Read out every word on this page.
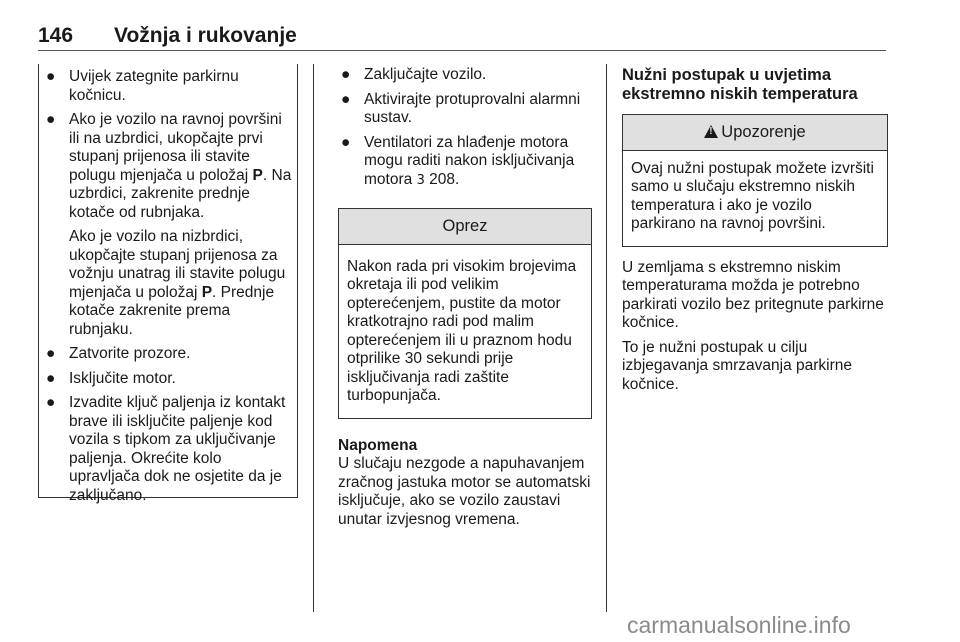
146 Vožnja i rukovanje
● Uvijek zategnite parkirnu kočnicu.
● Ako je vozilo na ravnoj površini ili na uzbrdici, ukopčajte prvi stupanj prijenosa ili stavite polugu mjenjača u položaj P. Na uzbrdici, zakrenite prednje kotače od rubnjaka.

Ako je vozilo na nizbrdici, ukopčajte stupanj prijenosa za vožnju unatrag ili stavite polugu mjenjača u položaj P. Prednje kotače zakrenite prema rubnjaku.

● Zatvorite prozore.
● Isključite motor.
● Izvadite ključ paljenja iz kontakt brave ili isključite paljenje kod vozila s tipkom za uključivanje paljenja. Okrećite kolo upravljača dok ne osjetite da je zaključano.
● Zaključajte vozilo.
● Aktivirajte protuprovalni alarmni sustav.
● Ventilatori za hlađenje motora mogu raditi nakon isključivanja motora 3 208.
Oprez
Nakon rada pri visokim brojevima okretaja ili pod velikim opterećenjem, pustite da motor kratkotrajno radi pod malim opterećenjem ili u praznom hodu otprilike 30 sekundi prije isključivanja radi zaštite turbopunjača.

Napomena

U slučaju nezgode a napuhavanjem zračnog jastuka motor se automatski isključuje, ako se vozilo zaustavi unutar izvjesnog vremena.

Nužni postupak u uvjetima ekstremno niskih temperatura
!Upozorenje
Ovaj nužni postupak možete izvršiti samo u slučaju ekstremno niskih temperatura i ako je vozilo parkirano na ravnoj površini.

U zemljama s ekstremno niskim temperaturama možda je potrebno parkirati vozilo bez pritegnute parkirne kočnice.

To je nužni postupak u cilju izbjegavanja smrzavanja parkirne kočnice.

carmanualsonline.info
